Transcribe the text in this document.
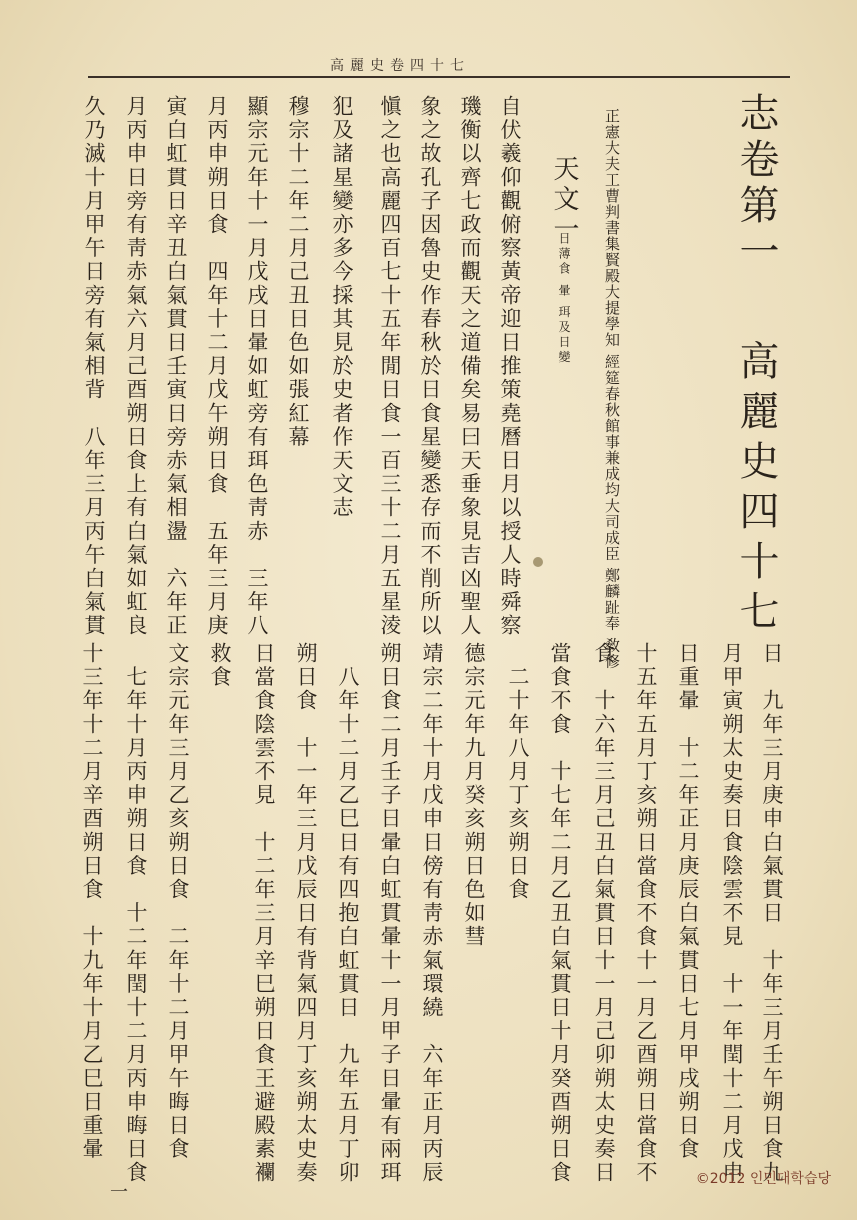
高麗史卷四十七
志卷第一
高麗史四十七
正憲大夫工曹判書集賢殿大提學知 經筵春秋館事兼成均大司成臣 鄭麟趾奉 敎修
天文一
日薄食 暈 珥及日變
自伏羲仰觀俯察黃帝迎日推策堯曆日月以授人時舜察
璣衡以齊七政而觀天之道備矣易曰天垂象見吉凶聖人
象之故孔子因魯史作春秋於日食星變悉存而不削所以
愼之也高麗四百七十五年閒日食一百三十二月五星淩
犯及諸星變亦多今採其見於史者作天文志
穆宗十二年二月己丑日色如張紅幕
顯宗元年十一月戊戌日暈如虹旁有珥色靑赤　三年八
月丙申朔日食　四年十二月戊午朔日食　五年三月庚
寅白虹貫日辛丑白氣貫日壬寅日旁赤氣相盪　六年正
月丙申日旁有靑赤氣六月己酉朔日食上有白氣如虹良
久乃滅十月甲午日旁有氣相背　八年三月丙午白氣貫
日　九年三月庚申白氣貫日　十年三月壬午朔日食九
月甲寅朔太史奏日食陰雲不見　十一年閏十二月戊申
日重暈　十二年正月庚辰白氣貫日七月甲戌朔日食
十五年五月丁亥朔日當食不食十一月乙酉朔日當食不
食　十六年三月己丑白氣貫日十一月己卯朔太史奏日
當食不食　十七年二月乙丑白氣貫日十月癸酉朔日食
　二十年八月丁亥朔日食
德宗元年九月癸亥朔日色如彗
靖宗二年十月戊申日傍有靑赤氣環繞　六年正月丙辰
朔日食二月壬子日暈白虹貫暈十一月甲子日暈有兩珥
　八年十二月乙巳日有四抱白虹貫日　九年五月丁卯
朔日食　十一年三月戊辰日有背氣四月丁亥朔太史奏
日當食陰雲不見　十二年三月辛巳朔日食王避殿素襴
救食
文宗元年三月乙亥朔日食　二年十二月甲午晦日食
　七年十月丙申朔日食　十二年閏十二月丙申晦日食
十三年十二月辛酉朔日食　十九年十月乙巳日重暈
一
©2012 인민대학습당
